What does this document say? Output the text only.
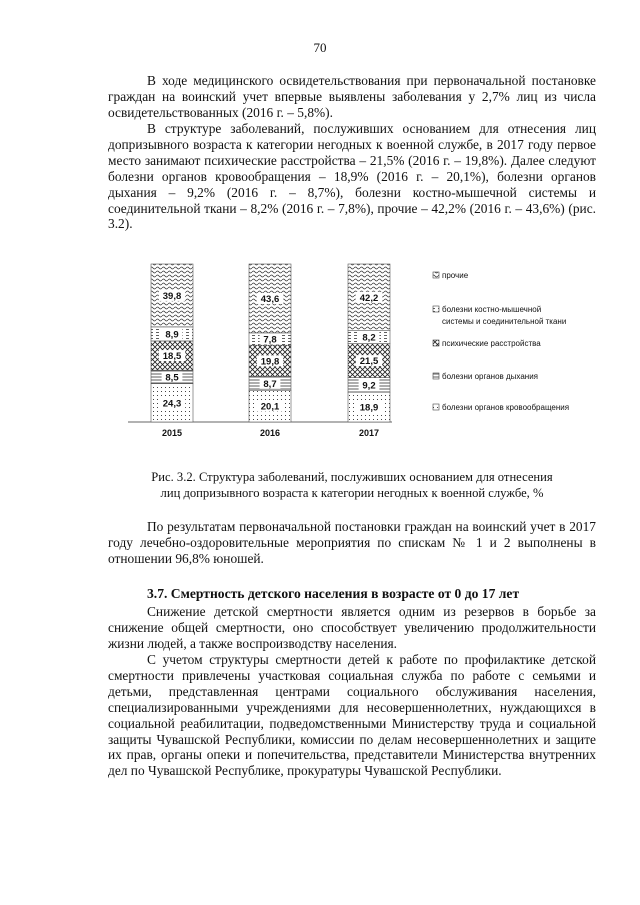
70

В ходе медицинского освидетельствования при первоначальной постановке граждан на воинский учет впервые выявлены заболевания у 2,7% лиц из числа освидетельствованных (2016 г. – 5,8%).

В структуре заболеваний, послуживших основанием для отнесения лиц допризывного возраста к категории негодных к военной службе, в 2017 году первое место занимают психические расстройства – 21,5% (2016 г. – 19,8%). Далее следуют болезни органов кровообращения – 18,9% (2016 г. – 20,1%), болезни органов дыхания – 9,2% (2016 г. – 8,7%), болезни костно-мышечной системы и соединительной ткани – 8,2% (2016 г. – 7,8%), прочие – 42,2% (2016 г. – 43,6%) (рис. 3.2).

24,3
8,5
18,5
8,9
39,8
20,1
8,7
19,8
7,8
43,6
18,9
9,2
21,5
8,2
42,2
2015	2016	2017
прочие
болезни костно-мышечной
системы и соединительной ткани
психические расстройства
болезни органов дыхания
болезни органов кровообращения
Рис. 3.2. Структура заболеваний, послуживших основанием для отнесения
лиц допризывного возраста к категории негодных к военной службе, %

По результатам первоначальной постановки граждан на воинский учет в 2017 году лечебно-оздоровительные мероприятия по спискам № 1 и 2 выполнены в отношении 96,8% юношей.

3.7. Смертность детского населения в возрасте от 0 до 17 лет

Снижение детской смертности является одним из резервов в борьбе за снижение общей смертности, оно способствует увеличению продолжительности жизни людей, а также воспроизводству населения.

С учетом структуры смертности детей к работе по профилактике детской смертности привлечены участковая социальная служба по работе с семьями и детьми, представленная центрами социального обслуживания населения, специализированными учреждениями для несовершеннолетних, нуждающихся в социальной реабилитации, подведомственными Министерству труда и социальной защиты Чувашской Республики, комиссии по делам несовершеннолетних и защите их прав, органы опеки и попечительства, представители Министерства внутренних дел по Чувашской Республике, прокуратуры Чувашской Республики.
